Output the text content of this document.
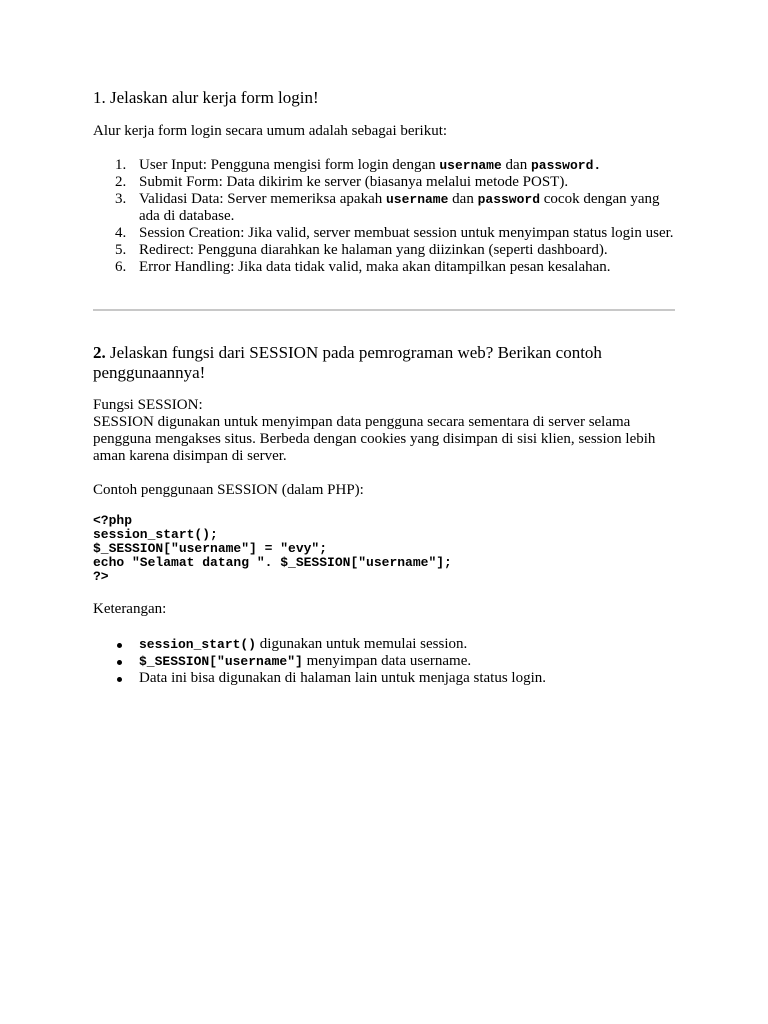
1. Jelaskan alur kerja form login!

Alur kerja form login secara umum adalah sebagai berikut:

1. User Input: Pengguna mengisi form login dengan username dan password.
2. Submit Form: Data dikirim ke server (biasanya melalui metode POST).
3. Validasi Data: Server memeriksa apakah username dan password cocok dengan yang ada di database.
4. Session Creation: Jika valid, server membuat session untuk menyimpan status login user.
5. Redirect: Pengguna diarahkan ke halaman yang diizinkan (seperti dashboard).
6. Error Handling: Jika data tidak valid, maka akan ditampilkan pesan kesalahan.
2. Jelaskan fungsi dari SESSION pada pemrograman web? Berikan contoh penggunaannya!
Fungsi SESSION:
SESSION digunakan untuk menyimpan data pengguna secara sementara di server selama pengguna mengakses situs. Berbeda dengan cookies yang disimpan di sisi klien, session lebih aman karena disimpan di server.

Contoh penggunaan SESSION (dalam PHP):

<?php
session_start();
$_SESSION["username"] = "evy";
echo "Selamat datang ". $_SESSION["username"];
?>

Keterangan:

session_start() digunakan untuk memulai session.
$_SESSION["username"] menyimpan data username.
Data ini bisa digunakan di halaman lain untuk menjaga status login.
